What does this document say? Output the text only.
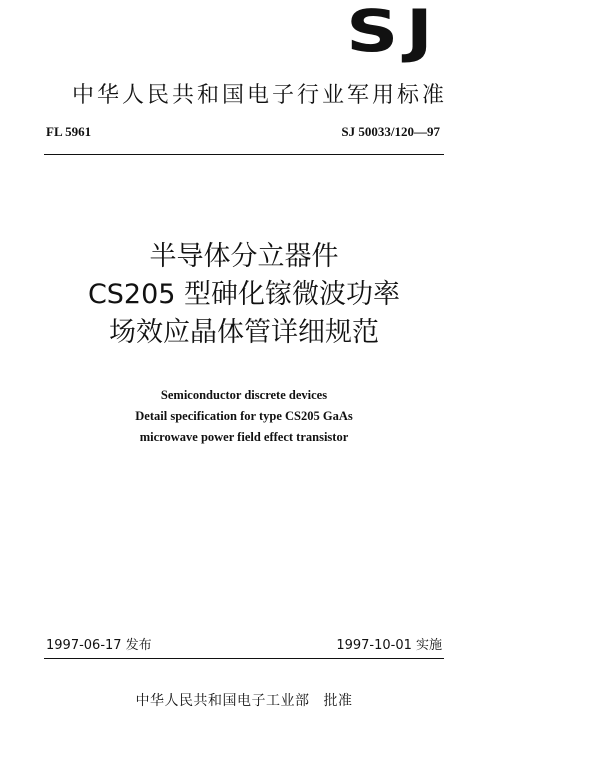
SJ
中华人民共和国电子行业军用标准
FL 5961	SJ 50033/120—97
半导体分立器件
CS205 型砷化镓微波功率
场效应晶体管详细规范
Semiconductor discrete devices
Detail specification for type CS205 GaAs
microwave power field effect transistor
1997-06-17 发布	1997-10-01 实施
中华人民共和国电子工业部 批准
